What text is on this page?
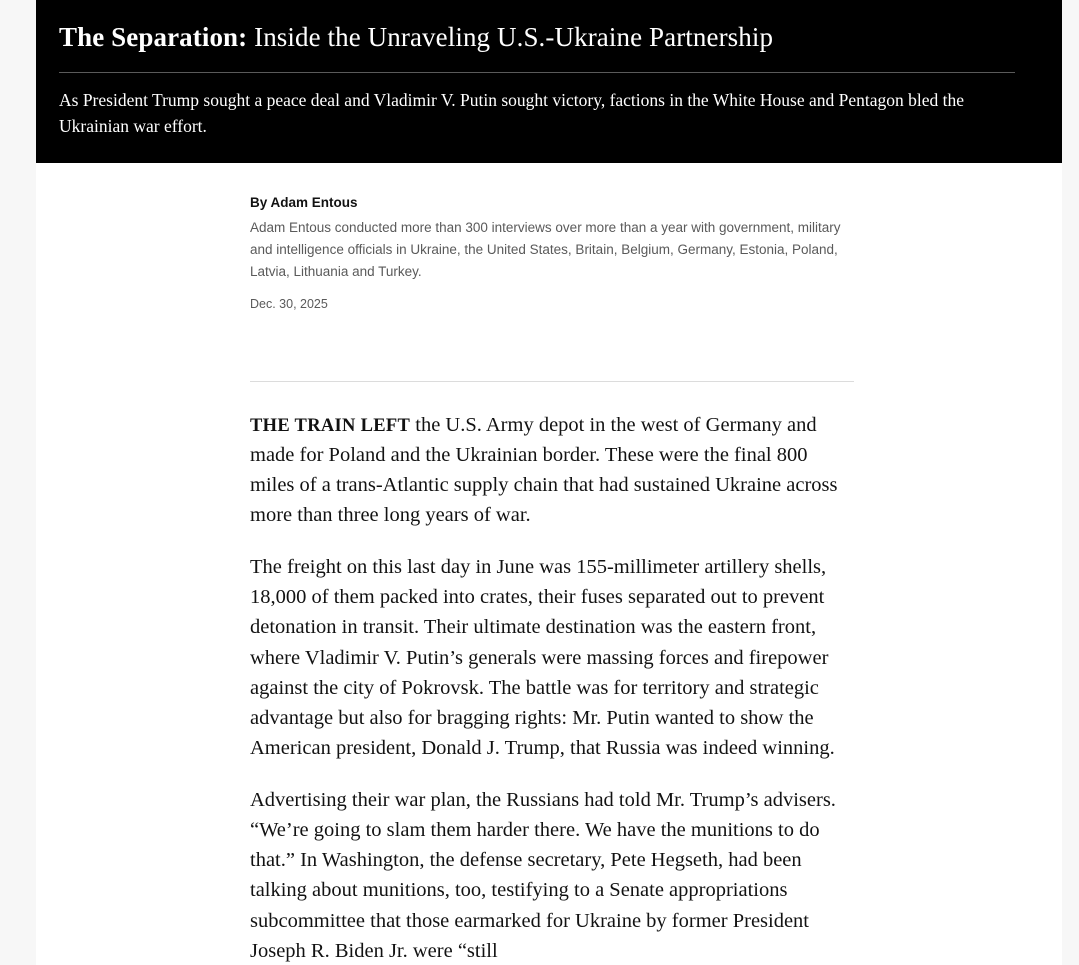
The Separation: Inside the Unraveling U.S.-Ukraine Partnership

As President Trump sought a peace deal and Vladimir V. Putin sought victory, factions in the White House and Pentagon bled the Ukrainian war effort.

By Adam Entous

Adam Entous conducted more than 300 interviews over more than a year with government, military and intelligence officials in Ukraine, the United States, Britain, Belgium, Germany, Estonia, Poland, Latvia, Lithuania and Turkey.

Dec. 30, 2025

THE TRAIN LEFT the U.S. Army depot in the west of Germany and made for Poland and the Ukrainian border. These were the final 800 miles of a trans-Atlantic supply chain that had sustained Ukraine across more than three long years of war.

The freight on this last day in June was 155-millimeter artillery shells, 18,000 of them packed into crates, their fuses separated out to prevent detonation in transit. Their ultimate destination was the eastern front, where Vladimir V. Putin’s generals were massing forces and firepower against the city of Pokrovsk. The battle was for territory and strategic advantage but also for bragging rights: Mr. Putin wanted to show the American president, Donald J. Trump, that Russia was indeed winning.

Advertising their war plan, the Russians had told Mr. Trump’s advisers. “We’re going to slam them harder there. We have the munitions to do that.” In Washington, the defense secretary, Pete Hegseth, had been talking about munitions, too, testifying to a Senate appropriations subcommittee that those earmarked for Ukraine by former President Joseph R. Biden Jr. were “still
